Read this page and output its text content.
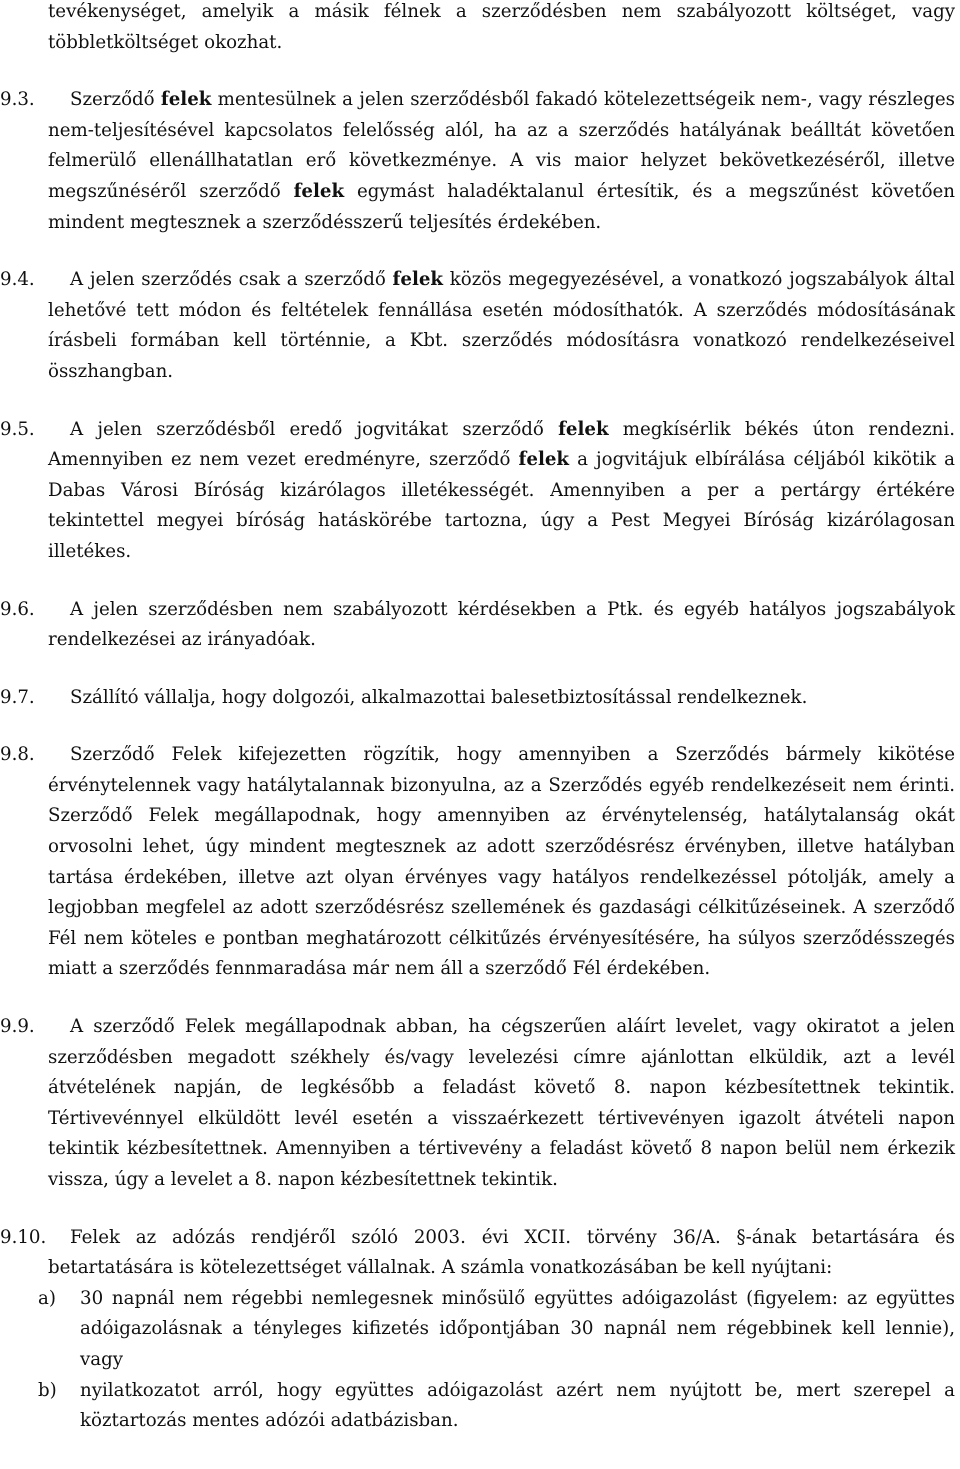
tevékenységet, amelyik a másik félnek a szerződésben nem szabályozott költséget, vagy többletköltséget okozhat.
9.3. Szerződő felek mentesülnek a jelen szerződésből fakadó kötelezettségeik nem-, vagy részleges nem-teljesítésével kapcsolatos felelősség alól, ha az a szerződés hatályának beálltát követően felmerülő ellenállhatatlan erő következménye. A vis maior helyzet bekövetkezéséről, illetve megszűnéséről szerződő felek egymást haladéktalanul értesítik, és a megszűnést követően mindent megtesznek a szerződésszerű teljesítés érdekében.
9.4. A jelen szerződés csak a szerződő felek közös megegyezésével, a vonatkozó jogszabályok által lehetővé tett módon és feltételek fennállása esetén módosíthatók. A szerződés módosításának írásbeli formában kell történnie, a Kbt. szerződés módosításra vonatkozó rendelkezéseivel összhangban.
9.5. A jelen szerződésből eredő jogvitákat szerződő felek megkísérlik békés úton rendezni. Amennyiben ez nem vezet eredményre, szerződő felek a jogvitájuk elbírálása céljából kikötik a Dabas Városi Bíróság kizárólagos illetékességét. Amennyiben a per a pertárgy értékére tekintettel megyei bíróság hatáskörébe tartozna, úgy a Pest Megyei Bíróság kizárólagosan illetékes.
9.6. A jelen szerződésben nem szabályozott kérdésekben a Ptk. és egyéb hatályos jogszabályok rendelkezései az irányadóak.
9.7. Szállító vállalja, hogy dolgozói, alkalmazottai balesetbiztosítással rendelkeznek.
9.8. Szerződő Felek kifejezetten rögzítik, hogy amennyiben a Szerződés bármely kikötése érvénytelennek vagy hatálytalannak bizonyulna, az a Szerződés egyéb rendelkezéseit nem érinti. Szerződő Felek megállapodnak, hogy amennyiben az érvénytelenség, hatálytalanság okát orvosolni lehet, úgy mindent megtesznek az adott szerződésrész érvényben, illetve hatályban tartása érdekében, illetve azt olyan érvényes vagy hatályos rendelkezéssel pótolják, amely a legjobban megfelel az adott szerződésrész szellemének és gazdasági célkitűzéseinek. A szerződő Fél nem köteles e pontban meghatározott célkitűzés érvényesítésére, ha súlyos szerződésszegés miatt a szerződés fennmaradása már nem áll a szerződő Fél érdekében.
9.9. A szerződő Felek megállapodnak abban, ha cégszerűen aláírt levelet, vagy okiratot a jelen szerződésben megadott székhely és/vagy levelezési címre ajánlottan elküldik, azt a levél átvételének napján, de legkésőbb a feladást követő 8. napon kézbesítettnek tekintik. Tértivevénnyel elküldött levél esetén a visszaérkezett tértivevényen igazolt átvételi napon tekintik kézbesítettnek. Amennyiben a tértivevény a feladást követő 8 napon belül nem érkezik vissza, úgy a levelet a 8. napon kézbesítettnek tekintik.
9.10. Felek az adózás rendjéről szóló 2003. évi XCII. törvény 36/A. §-ának betartására és betartatására is kötelezettséget vállalnak. A számla vonatkozásában be kell nyújtani:
a) 30 napnál nem régebbi nemlegesnek minősülő együttes adóigazolást (figyelem: az együttes adóigazolásnak a tényleges kifizetés időpontjában 30 napnál nem régebbinek kell lennie), vagy
b) nyilatkozatot arról, hogy együttes adóigazolást azért nem nyújtott be, mert szerepel a köztartozás mentes adózói adatbázisban.
